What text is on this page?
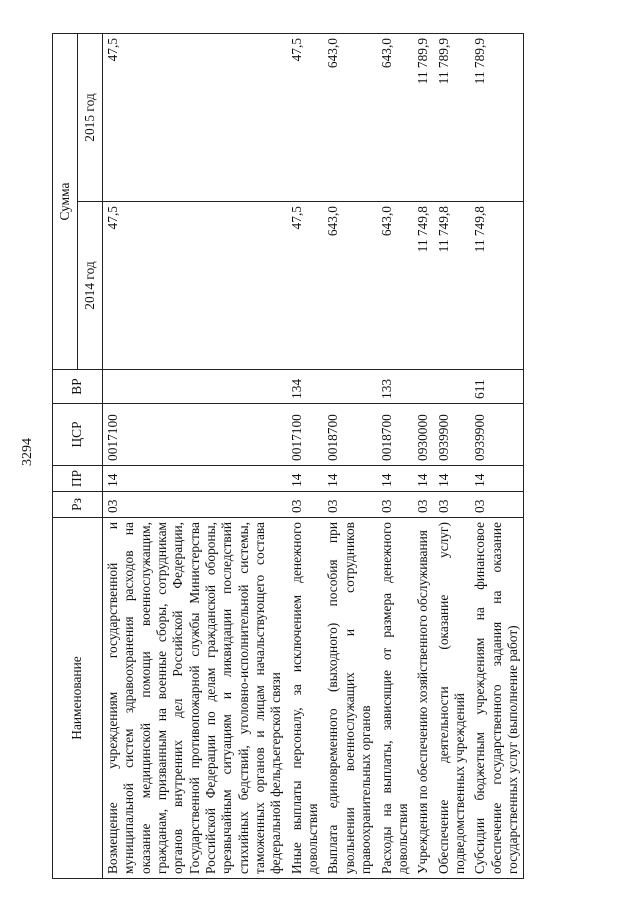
3294
Наименование	Рз	ПР	ЦСР	ВР	Сумма	
					2014 год	2015 год
Возмещение учреждениям государственной и муниципальной систем здравоохранения расходов на оказание медицинской помощи военнослужащим, гражданам, призванным на военные сборы, сотрудникам органов внутренних дел Российской Федерации, Государственной противопожарной службы Министерства Российской Федерации по делам гражданской обороны, чрезвычайным ситуациям и ликвидации последствий стихийных бедствий, уголовно-исполнительной системы, таможенных органов и лицам начальствующего состава федеральной фельдъегерской связи	03	14	0017100		47,5	47,5
Иные выплаты персоналу, за исключением денежного довольствия	03	14	0017100	134	47,5	47,5
Выплата единовременного (выходного) пособия при увольнении военнослужащих и сотрудников правоохранительных органов	03	14	0018700		643,0	643,0
Расходы на выплаты, зависящие от размера денежного довольствия	03	14	0018700	133	643,0	643,0
Учреждения по обеспечению хозяйственного обслуживания	03	14	0930000		11 749,8	11 789,9
Обеспечение деятельности (оказание услуг) подведомственных учреждений	03	14	0939900		11 749,8	11 789,9
Субсидии бюджетным учреждениям на финансовое обеспечение государственного задания на оказание государственных услуг (выполнение работ)	03	14	0939900	611	11 749,8	11 789,9
